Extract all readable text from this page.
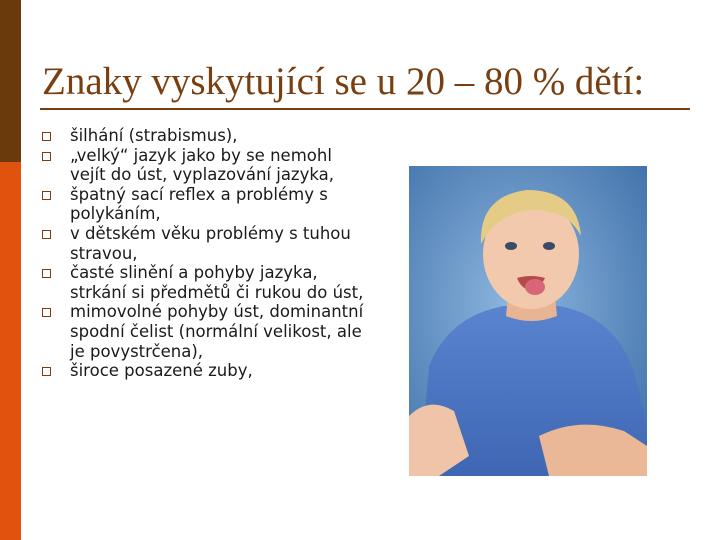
Znaky vyskytující se u 20 – 80 % dětí:
šilhání (strabismus),
„velký“ jazyk jako by se nemohl vejít do úst, vyplazování jazyka,
špatný sací reflex a problémy s polykáním,
v dětském věku problémy s tuhou stravou,
časté slinění a pohyby jazyka, strkání si předmětů či rukou do úst,
mimovolné pohyby úst, dominantní spodní čelist (normální velikost, ale je povystrčena),
široce posazené zuby,
